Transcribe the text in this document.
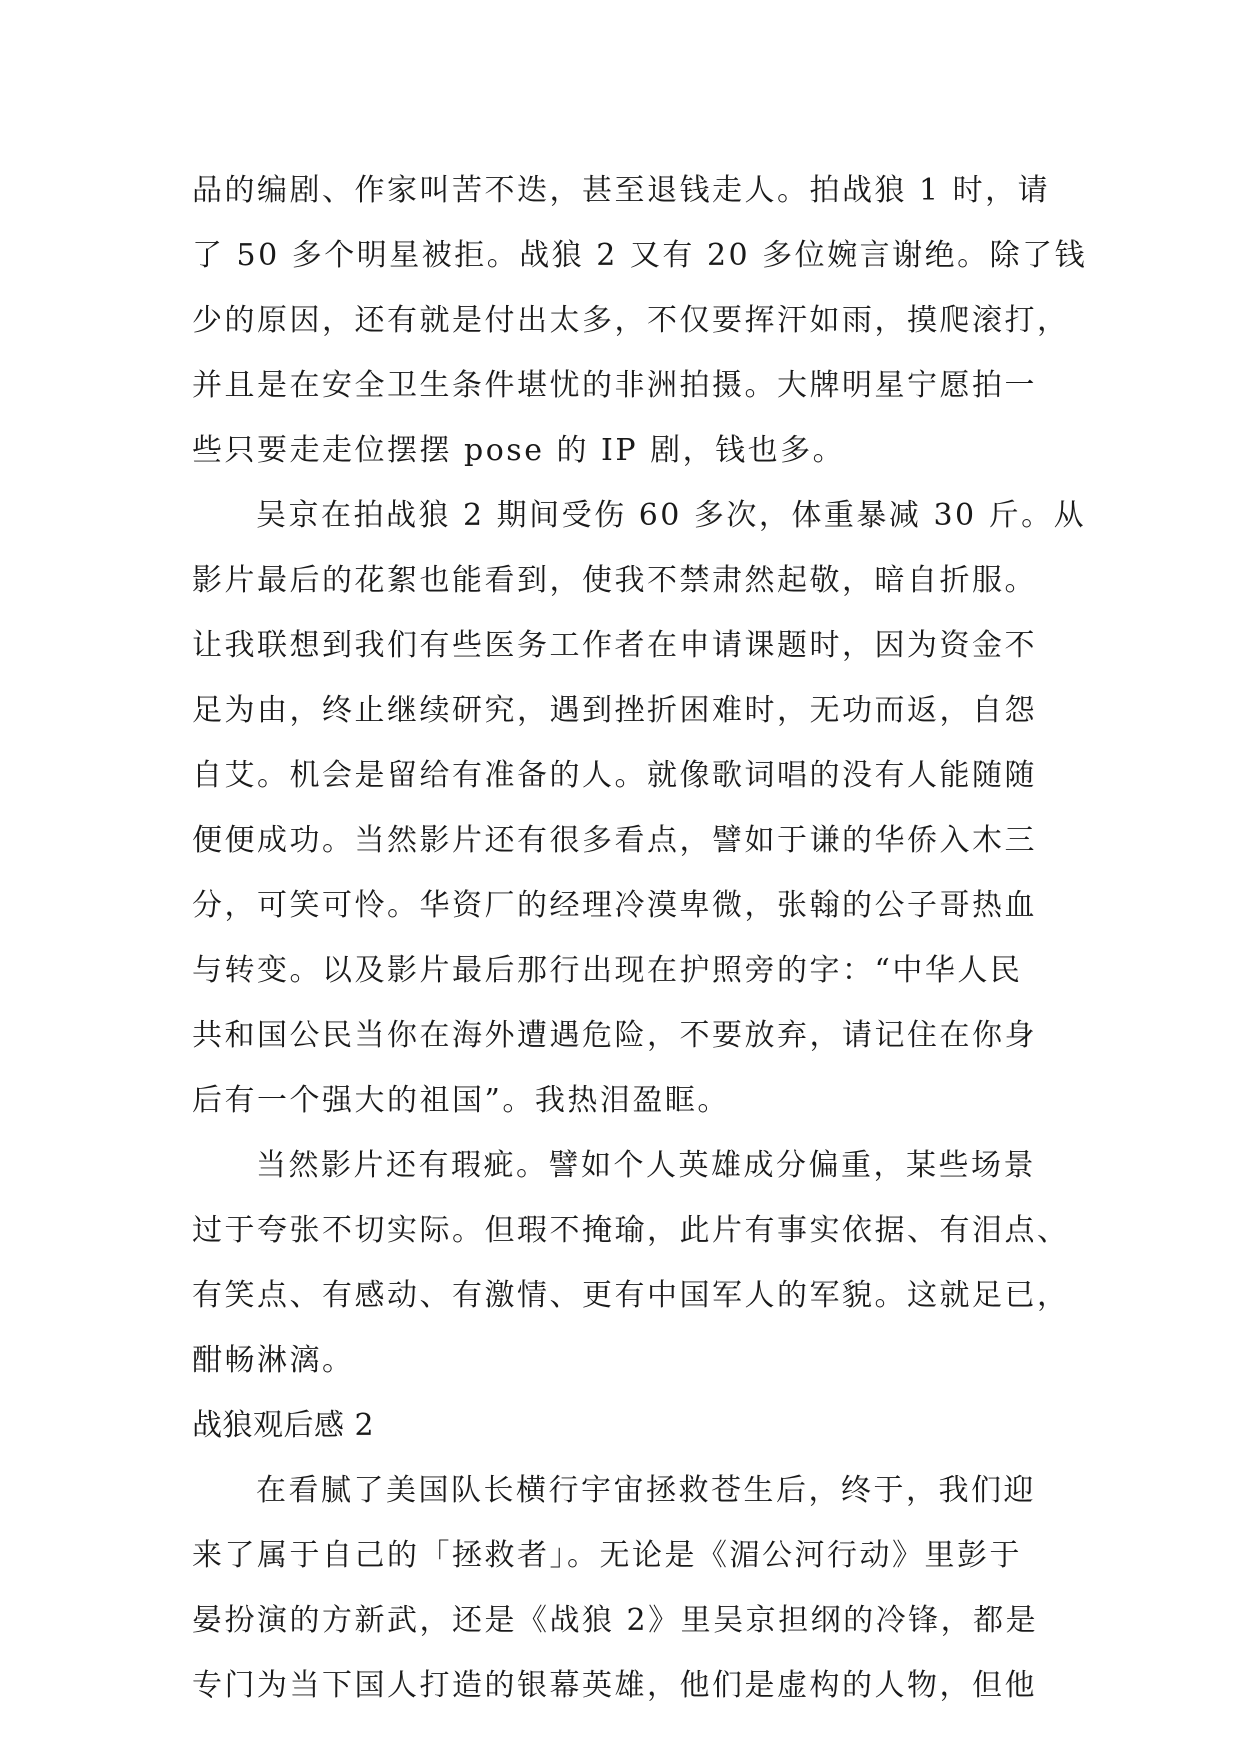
品的编剧、作家叫苦不迭，甚至退钱走人。拍战狼 1 时，请
了 50 多个明星被拒。战狼 2 又有 20 多位婉言谢绝。除了钱
少的原因，还有就是付出太多，不仅要挥汗如雨，摸爬滚打，
并且是在安全卫生条件堪忧的非洲拍摄。大牌明星宁愿拍一
些只要走走位摆摆 pose 的 IP 剧，钱也多。
吴京在拍战狼 2 期间受伤 60 多次，体重暴减 30 斤。从
影片最后的花絮也能看到，使我不禁肃然起敬，暗自折服。
让我联想到我们有些医务工作者在申请课题时，因为资金不
足为由，终止继续研究，遇到挫折困难时，无功而返，自怨
自艾。机会是留给有准备的人。就像歌词唱的没有人能随随
便便成功。当然影片还有很多看点，譬如于谦的华侨入木三
分，可笑可怜。华资厂的经理冷漠卑微，张翰的公子哥热血
与转变。以及影片最后那行出现在护照旁的字：“中华人民
共和国公民当你在海外遭遇危险，不要放弃，请记住在你身
后有一个强大的祖国”。我热泪盈眶。
当然影片还有瑕疵。譬如个人英雄成分偏重，某些场景
过于夸张不切实际。但瑕不掩瑜，此片有事实依据、有泪点、
有笑点、有感动、有激情、更有中国军人的军貌。这就足已，
酣畅淋漓。
战狼观后感 2
在看腻了美国队长横行宇宙拯救苍生后，终于，我们迎
来了属于自己的「拯救者」。无论是《湄公河行动》里彭于
晏扮演的方新武，还是《战狼 2》里吴京担纲的冷锋，都是
专门为当下国人打造的银幕英雄，他们是虚构的人物，但他
